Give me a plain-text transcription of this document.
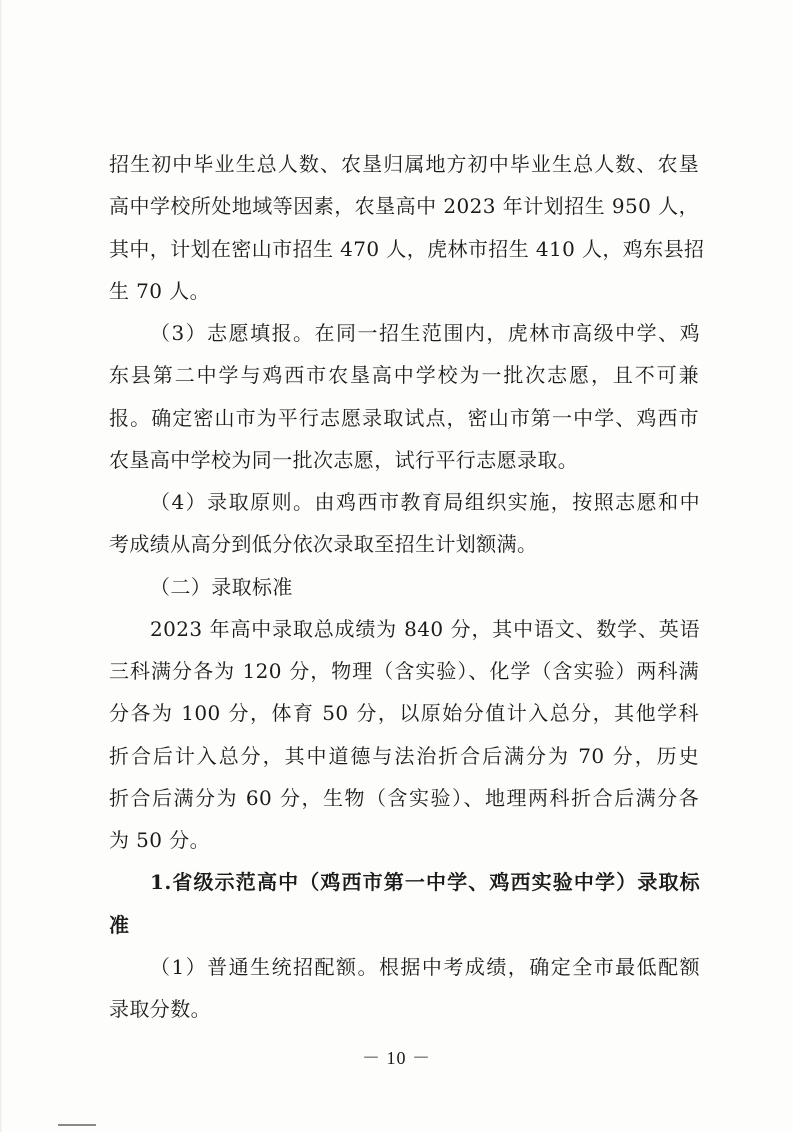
招生初中毕业生总人数、农垦归属地方初中毕业生总人数、农垦
高中学校所处地域等因素，农垦高中 2023 年计划招生 950 人，
其中，计划在密山市招生 470 人，虎林市招生 410 人，鸡东县招
生 70 人。
（3）志愿填报。在同一招生范围内，虎林市高级中学、鸡
东县第二中学与鸡西市农垦高中学校为一批次志愿，且不可兼
报。确定密山市为平行志愿录取试点，密山市第一中学、鸡西市
农垦高中学校为同一批次志愿，试行平行志愿录取。
（4）录取原则。由鸡西市教育局组织实施，按照志愿和中
考成绩从高分到低分依次录取至招生计划额满。
（二）录取标准
2023 年高中录取总成绩为 840 分，其中语文、数学、英语
三科满分各为 120 分，物理（含实验）、化学（含实验）两科满
分各为 100 分，体育 50 分，以原始分值计入总分，其他学科
折合后计入总分，其中道德与法治折合后满分为 70 分，历史
折合后满分为 60 分，生物（含实验）、地理两科折合后满分各
为 50 分。
1.省级示范高中（鸡西市第一中学、鸡西实验中学）录取标
准
（1）普通生统招配额。根据中考成绩，确定全市最低配额
录取分数。
－ 10 －
